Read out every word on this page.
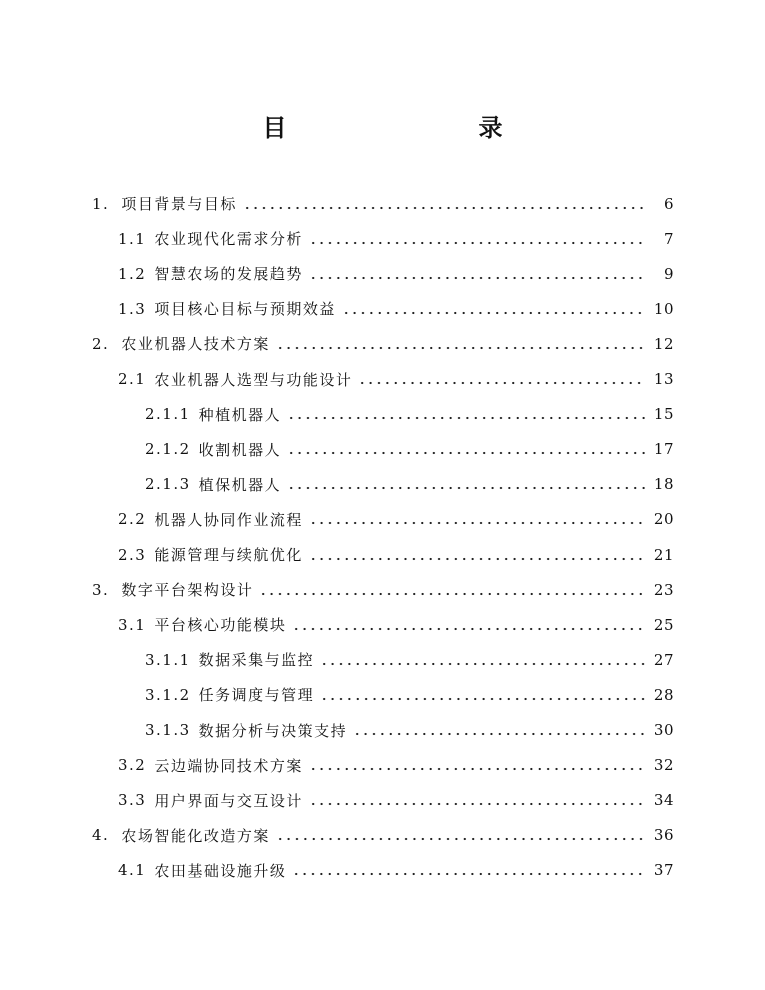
目　　录
1. 项目背景与目标	6
1.1 农业现代化需求分析	7
1.2 智慧农场的发展趋势	9
1.3 项目核心目标与预期效益	10
2. 农业机器人技术方案	12
2.1 农业机器人选型与功能设计	13
2.1.1 种植机器人	15
2.1.2 收割机器人	17
2.1.3 植保机器人	18
2.2 机器人协同作业流程	20
2.3 能源管理与续航优化	21
3. 数字平台架构设计	23
3.1 平台核心功能模块	25
3.1.1 数据采集与监控	27
3.1.2 任务调度与管理	28
3.1.3 数据分析与决策支持	30
3.2 云边端协同技术方案	32
3.3 用户界面与交互设计	34
4. 农场智能化改造方案	36
4.1 农田基础设施升级	37
